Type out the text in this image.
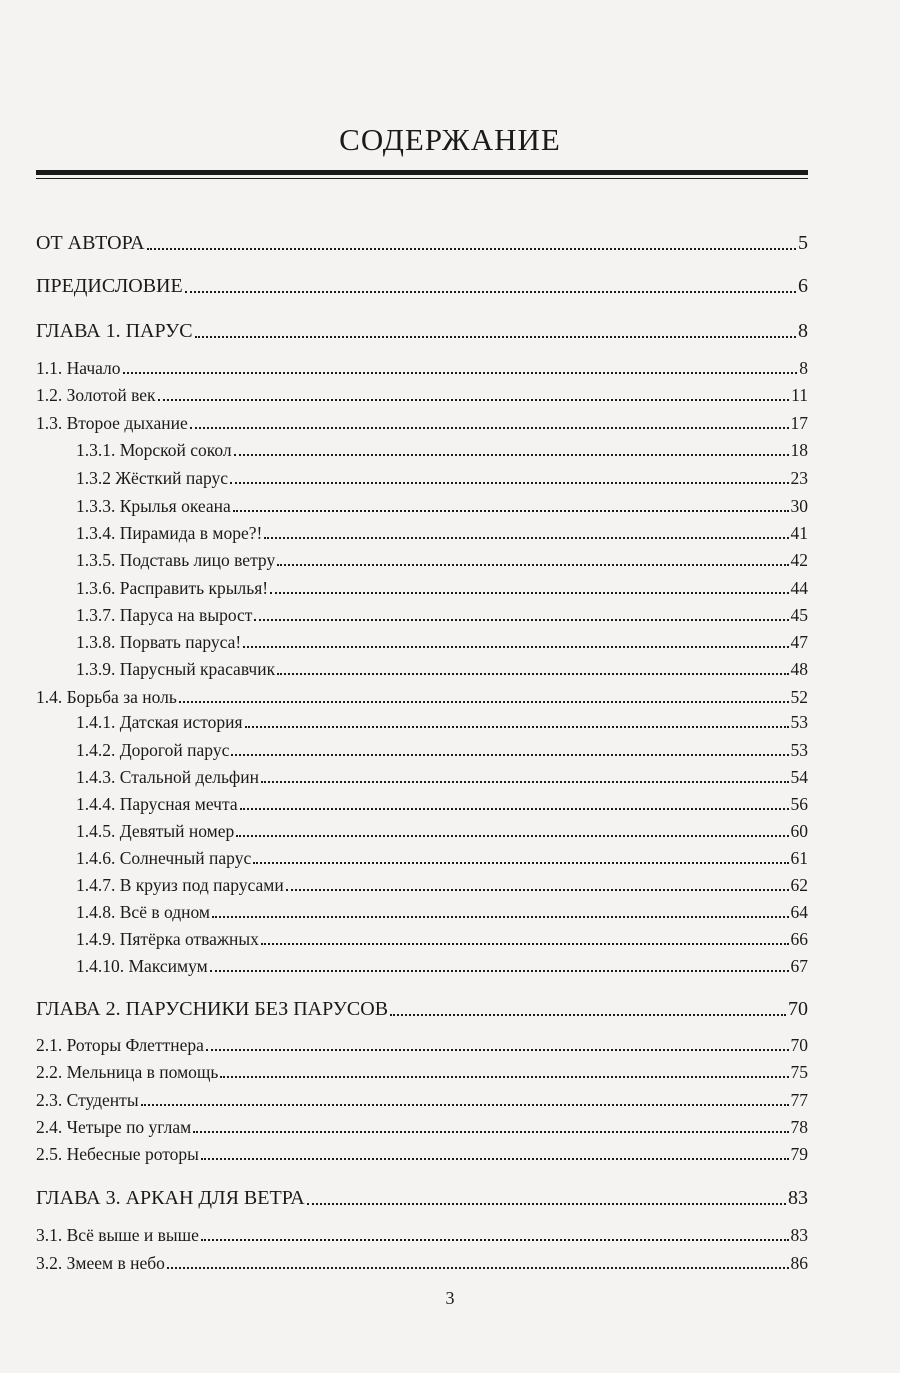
СОДЕРЖАНИЕ
ОТ АВТОРА	5
ПРЕДИСЛОВИЕ	6
ГЛАВА 1. ПАРУС	8
1.1. Начало	8
1.2. Золотой век	11
1.3. Второе дыхание	17
1.3.1. Морской сокол	18
1.3.2 Жёсткий парус	23
1.3.3. Крылья океана	30
1.3.4. Пирамида в море?!	41
1.3.5. Подставь лицо ветру	42
1.3.6. Расправить крылья!	44
1.3.7. Паруса на вырост	45
1.3.8. Порвать паруса!	47
1.3.9. Парусный красавчик	48
1.4. Борьба за ноль	52
1.4.1. Датская история	53
1.4.2. Дорогой парус	53
1.4.3. Стальной дельфин	54
1.4.4. Парусная мечта	56
1.4.5. Девятый номер	60
1.4.6. Солнечный парус	61
1.4.7. В круиз под парусами	62
1.4.8. Всё в одном	64
1.4.9. Пятёрка отважных	66
1.4.10. Максимум	67
ГЛАВА 2. ПАРУСНИКИ БЕЗ ПАРУСОВ	70
2.1. Роторы Флеттнера	70
2.2. Мельница в помощь	75
2.3. Студенты	77
2.4. Четыре по углам	78
2.5. Небесные роторы	79
ГЛАВА 3. АРКАН ДЛЯ ВЕТРА	83
3.1. Всё выше и выше	83
3.2. Змеем в небо	86
3
